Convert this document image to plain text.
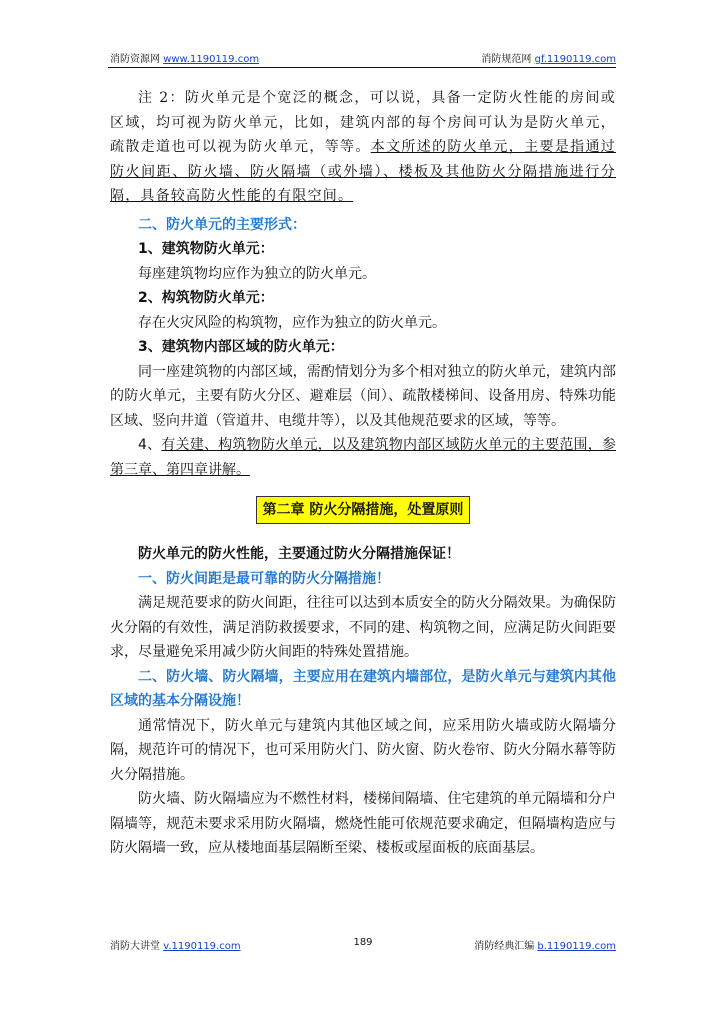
消防资源网 www.1190119.com	消防规范网 gf.1190119.com

注 2：防火单元是个宽泛的概念，可以说，具备一定防火性能的房间或区域，均可视为防火单元，比如，建筑内部的每个房间可认为是防火单元，疏散走道也可以视为防火单元，等等。本文所述的防火单元，主要是指通过防火间距、防火墙、防火隔墙（或外墙）、楼板及其他防火分隔措施进行分隔，具备较高防火性能的有限空间。

二、防火单元的主要形式：

1、建筑物防火单元：

每座建筑物均应作为独立的防火单元。

2、构筑物防火单元：

存在火灾风险的构筑物，应作为独立的防火单元。

3、建筑物内部区域的防火单元：

同一座建筑物的内部区域，需酌情划分为多个相对独立的防火单元，建筑内部的防火单元，主要有防火分区、避难层（间）、疏散楼梯间、设备用房、特殊功能区域、竖向井道（管道井、电缆井等），以及其他规范要求的区域，等等。

4、有关建、构筑物防火单元，以及建筑物内部区域防火单元的主要范围，参第三章、第四章讲解。

第二章 防火分隔措施，处置原则

防火单元的防火性能，主要通过防火分隔措施保证！

一、防火间距是最可靠的防火分隔措施！

满足规范要求的防火间距，往往可以达到本质安全的防火分隔效果。为确保防火分隔的有效性，满足消防救援要求，不同的建、构筑物之间，应满足防火间距要求，尽量避免采用减少防火间距的特殊处置措施。

二、防火墙、防火隔墙，主要应用在建筑内墙部位，是防火单元与建筑内其他区域的基本分隔设施！

通常情况下，防火单元与建筑内其他区域之间，应采用防火墙或防火隔墙分隔，规范许可的情况下，也可采用防火门、防火窗、防火卷帘、防火分隔水幕等防火分隔措施。

防火墙、防火隔墙应为不燃性材料，楼梯间隔墙、住宅建筑的单元隔墙和分户隔墙等，规范未要求采用防火隔墙，燃烧性能可依规范要求确定，但隔墙构造应与防火隔墙一致，应从楼地面基层隔断至梁、楼板或屋面板的底面基层。

消防大讲堂 v.1190119.com	189	消防经典汇编 b.1190119.com
